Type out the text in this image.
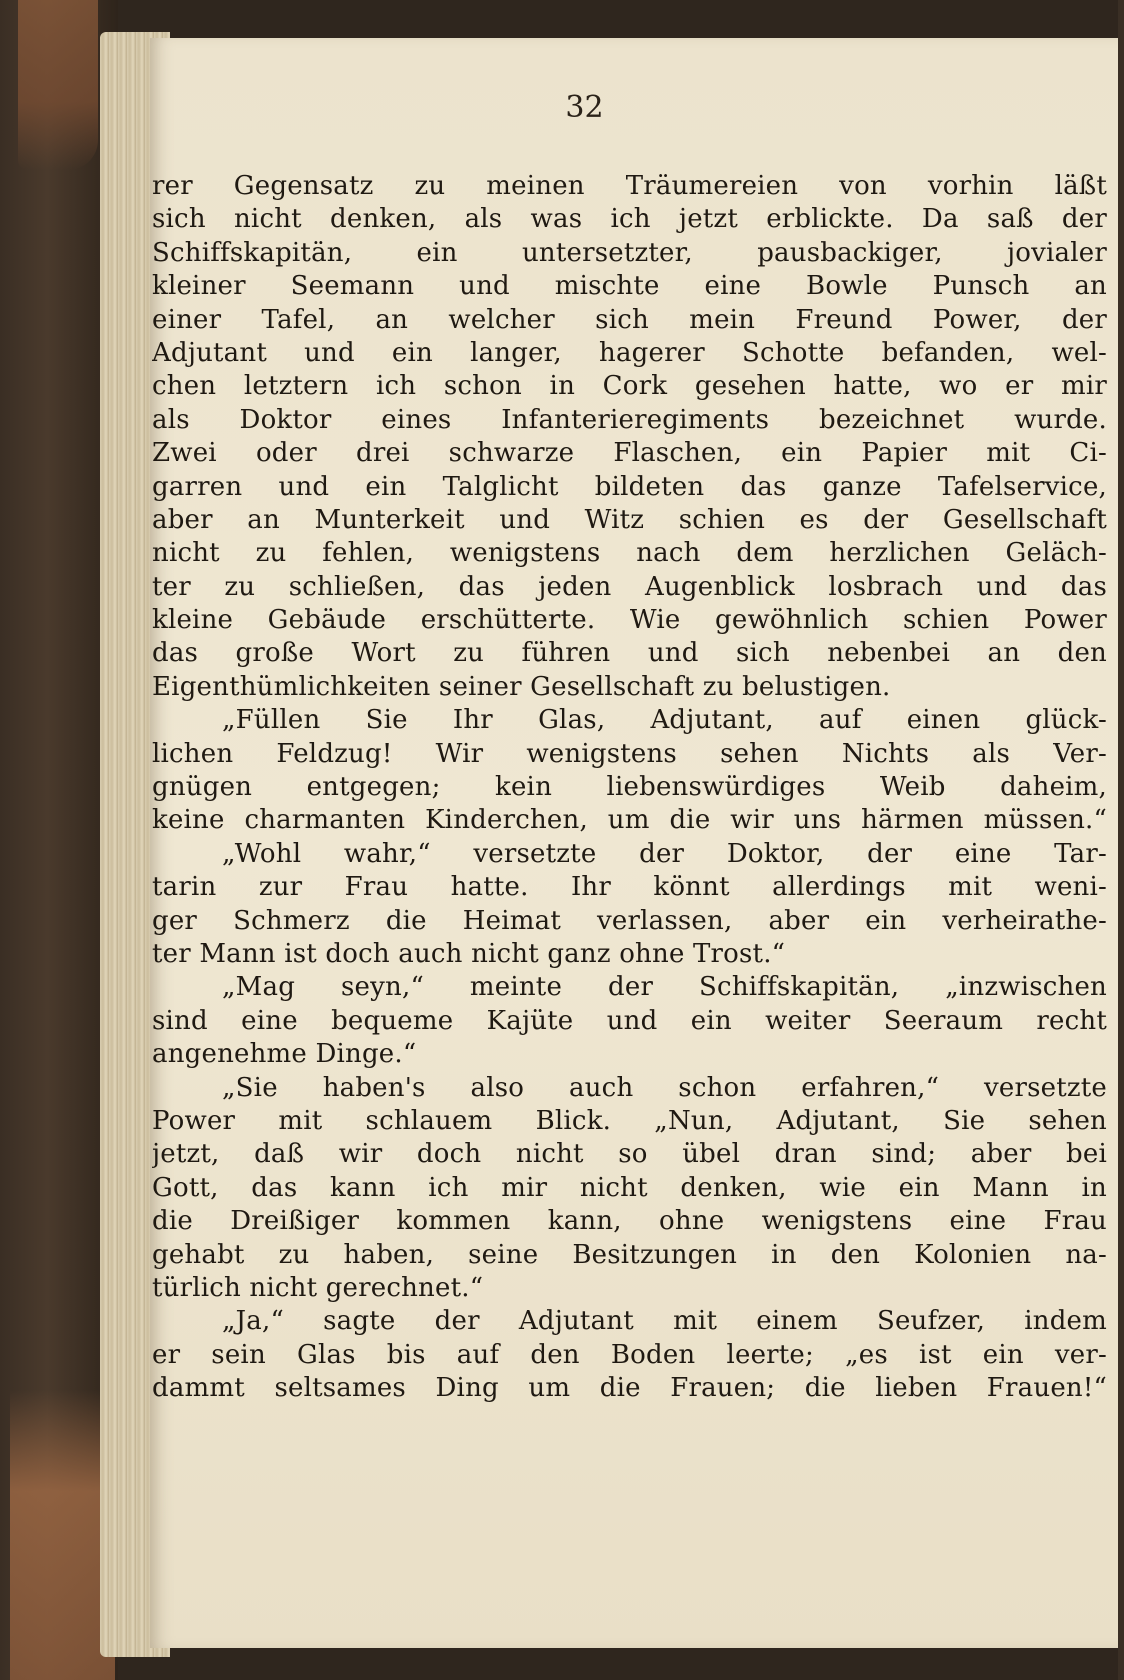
32
rer Gegensatz zu meinen Träumereien von vorhin läßt
sich nicht denken, als was ich jetzt erblickte. Da saß der
Schiffskapitän, ein untersetzter, pausbackiger, jovialer
kleiner Seemann und mischte eine Bowle Punsch an
einer Tafel, an welcher sich mein Freund Power, der
Adjutant und ein langer, hagerer Schotte befanden, wel-
chen letztern ich schon in Cork gesehen hatte, wo er mir
als Doktor eines Infanterieregiments bezeichnet wurde.
Zwei oder drei schwarze Flaschen, ein Papier mit Ci-
garren und ein Talglicht bildeten das ganze Tafelservice,
aber an Munterkeit und Witz schien es der Gesellschaft
nicht zu fehlen, wenigstens nach dem herzlichen Geläch-
ter zu schließen, das jeden Augenblick losbrach und das
kleine Gebäude erschütterte. Wie gewöhnlich schien Power
das große Wort zu führen und sich nebenbei an den
Eigenthümlichkeiten seiner Gesellschaft zu belustigen.
„Füllen Sie Ihr Glas, Adjutant, auf einen glück-
lichen Feldzug! Wir wenigstens sehen Nichts als Ver-
gnügen entgegen; kein liebenswürdiges Weib daheim,
keine charmanten Kinderchen, um die wir uns härmen müssen.“
„Wohl wahr,“ versetzte der Doktor, der eine Tar-
tarin zur Frau hatte. Ihr könnt allerdings mit weni-
ger Schmerz die Heimat verlassen, aber ein verheirathe-
ter Mann ist doch auch nicht ganz ohne Trost.“
„Mag seyn,“ meinte der Schiffskapitän, „inzwischen
sind eine bequeme Kajüte und ein weiter Seeraum recht
angenehme Dinge.“
„Sie haben's also auch schon erfahren,“ versetzte
Power mit schlauem Blick. „Nun, Adjutant, Sie sehen
jetzt, daß wir doch nicht so übel dran sind; aber bei
Gott, das kann ich mir nicht denken, wie ein Mann in
die Dreißiger kommen kann, ohne wenigstens eine Frau
gehabt zu haben, seine Besitzungen in den Kolonien na-
türlich nicht gerechnet.“
„Ja,“ sagte der Adjutant mit einem Seufzer, indem
er sein Glas bis auf den Boden leerte; „es ist ein ver-
dammt seltsames Ding um die Frauen; die lieben Frauen!“
